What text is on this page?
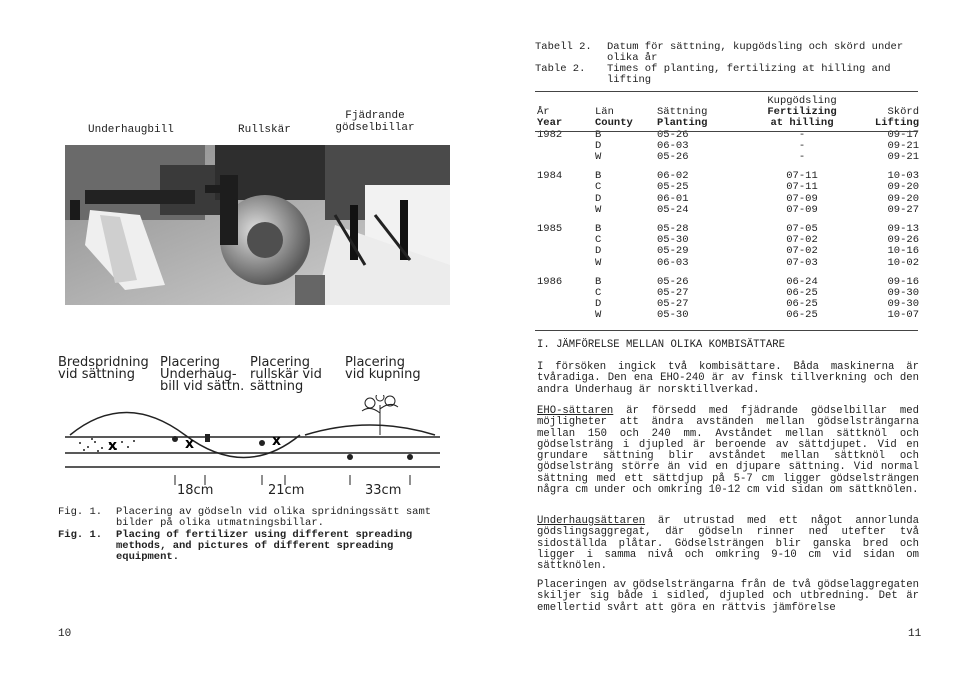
Underhaugbill	Rullskär
Fjädrande gödselbillar
Bredspridning vid sättning
Placering Underhaug-bill vid sättn.
Placering rullskär vid sättning
Placering vid kupning
x	x	x
18cm	21cm	33cm
Fig. 1. Placering av gödseln vid olika spridningssätt samt bilder på olika utmatningsbillar.
Fig. 1. Placing of fertilizer using different spreading methods, and pictures of different spreading equipment.
10
Tabell 2. Datum för sättning, kupgödsling och skörd under olika år
Table 2. Times of planting, fertilizing at hilling and lifting
			Kupgödsling	
År	Län	Sättning	Fertilizing	Skörd
Year	County	Planting	at hilling	Lifting
1982	B	05-26	-	09-17
	D	06-03	-	09-21
	W	05-26	-	09-21

1984	B	06-02	07-11	10-03
	C	05-25	07-11	09-20
	D	06-01	07-09	09-20
	W	05-24	07-09	09-27

1985	B	05-28	07-05	09-13
	C	05-30	07-02	09-26
	D	05-29	07-02	10-16
	W	06-03	07-03	10-02

1986	B	05-26	06-24	09-16
	C	05-27	06-25	09-30
	D	05-27	06-25	09-30
	W	05-30	06-25	10-07
I. JÄMFÖRELSE MELLAN OLIKA KOMBISÄTTARE

I försöken ingick två kombisättare. Båda maskinerna är tvåradiga. Den ena EHO-240 är av finsk tillverkning och den andra Underhaug är norsktillverkad.

EHO-sättaren är försedd med fjädrande gödselbillar med möjligheter att ändra avständen mellan gödselsträngarna mellan 150 och 240 mm. Avståndet mellan sättknöl och gödselsträng i djupled är beroende av sättdjupet. Vid en grundare sättning blir avståndet mellan sättknöl och gödselsträng större än vid en djupare sättning. Vid normal sättning med ett sättdjup på 5-7 cm ligger gödselsträngen några cm under och omkring 10-12 cm vid sidan om sättknölen.

Underhaugsättaren är utrustad med ett något annorlunda gödslingsaggregat, där gödseln rinner ned utefter två sidoställda plåtar. Gödselsträngen blir ganska bred och ligger i samma nivå och omkring 9-10 cm vid sidan om sättknölen.

Placeringen av gödselsträngarna från de två gödselaggregaten skiljer sig både i sidled, djupled och utbredning. Det är emellertid svårt att göra en rättvis jämförelse

11
